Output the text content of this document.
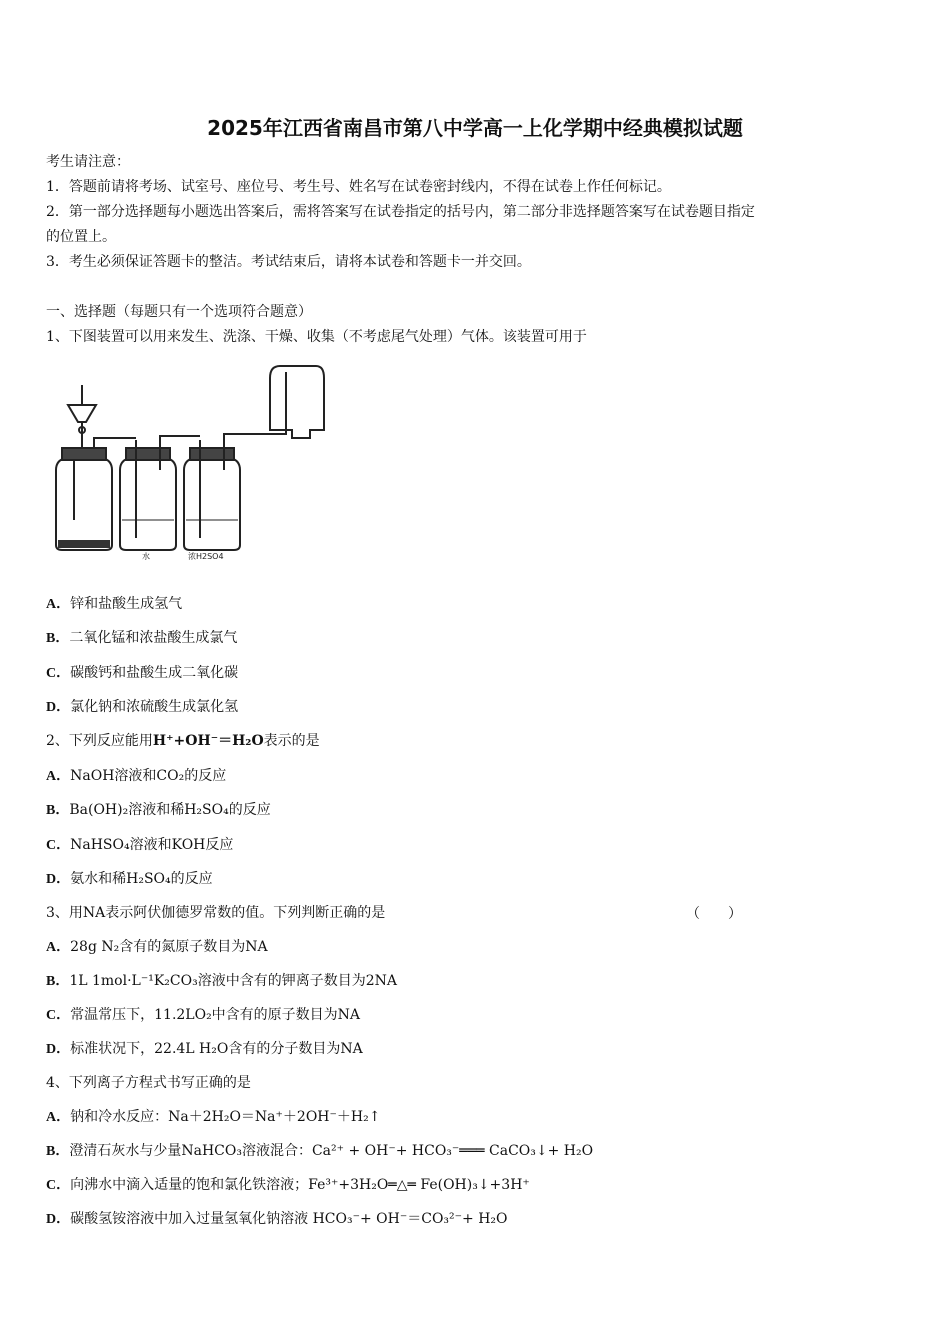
2025年江西省南昌市第八中学高一上化学期中经典模拟试题
考生请注意：
1．答题前请将考场、试室号、座位号、考生号、姓名写在试卷密封线内，不得在试卷上作任何标记。
2．第一部分选择题每小题选出答案后，需将答案写在试卷指定的括号内，第二部分非选择题答案写在试卷题目指定
的位置上。
3．考生必须保证答题卡的整洁。考试结束后，请将本试卷和答题卡一并交回。
一、选择题（每题只有一个选项符合题意）
1、下图装置可以用来发生、洗涤、干燥、收集（不考虑尾气处理）气体。该装置可用于
水	浓H2SO4
A．锌和盐酸生成氢气
B．二氧化锰和浓盐酸生成氯气
C．碳酸钙和盐酸生成二氧化碳
D．氯化钠和浓硫酸生成氯化氢
2、下列反应能用H⁺+OH⁻＝H₂O表示的是
A．NaOH溶液和CO₂的反应
B．Ba(OH)₂溶液和稀H₂SO₄的反应
C．NaHSO₄溶液和KOH反应
D．氨水和稀H₂SO₄的反应
3、用NA表示阿伏伽德罗常数的值。下列判断正确的是	（　　）
A．28g N₂含有的氮原子数目为NA
B．1L 1mol·L⁻¹K₂CO₃溶液中含有的钾离子数目为2NA
C．常温常压下，11.2LO₂中含有的原子数目为NA
D．标准状况下，22.4L H₂O含有的分子数目为NA
4、下列离子方程式书写正确的是
A．钠和冷水反应：Na＋2H₂O＝Na⁺＋2OH⁻＋H₂↑
B．澄清石灰水与少量NaHCO₃溶液混合：Ca²⁺ + OH⁻+ HCO₃⁻═══ CaCO₃↓+ H₂O
C．向沸水中滴入适量的饱和氯化铁溶液；Fe³⁺+3H₂O═△═ Fe(OH)₃↓+3H⁺
D．碳酸氢铵溶液中加入过量氢氧化钠溶液 HCO₃⁻+ OH⁻＝CO₃²⁻+ H₂O
